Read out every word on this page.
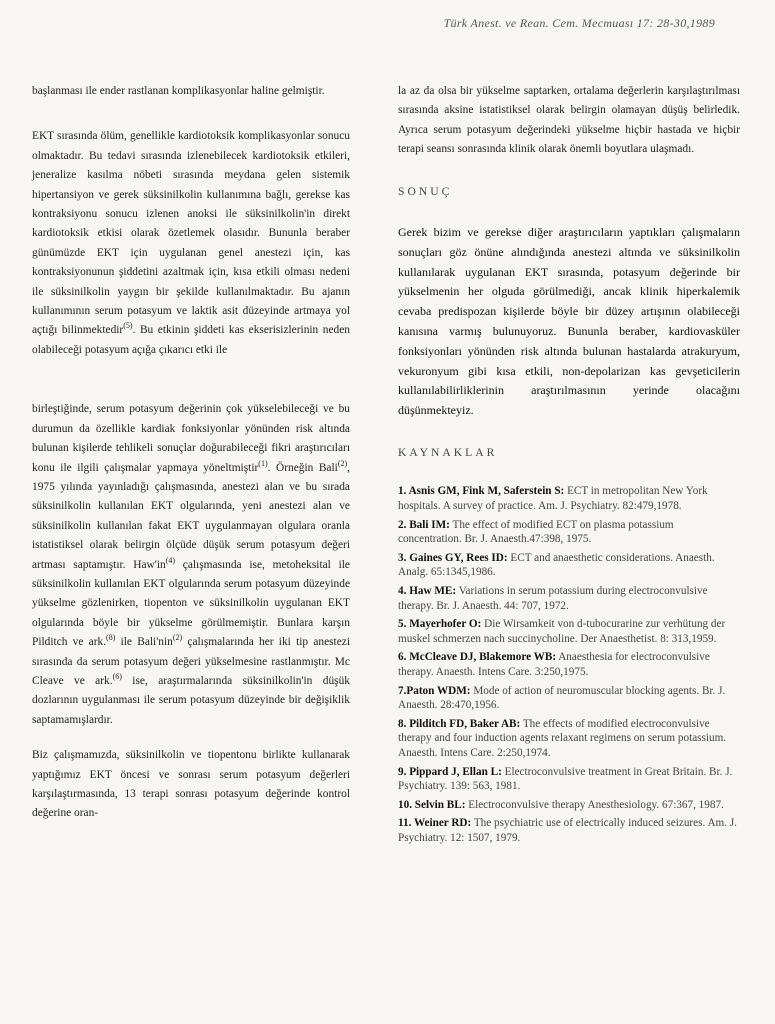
Türk Anest. ve Rean. Cem. Mecmuası 17: 28-30,1989

başlanması ile ender rastlanan komplikasyonlar haline gelmiştir.

EKT sırasında ölüm, genellikle kardiotoksik komplikasyonlar sonucu olmaktadır. Bu tedavi sırasında izlenebilecek kardiotoksik etkileri, jeneralize kasılma nöbeti sırasında meydana gelen sistemik hipertansiyon ve gerek süksinilkolin kullanımına bağlı, gerekse kas kontraksiyonu sonucu izlenen anoksi ile süksinilkolin'in direkt kardiotoksik etkisi olarak özetlemek olasıdır. Bununla beraber günümüzde EKT için uygulanan genel anestezi için, kas kontraksiyonunun şiddetini azaltmak için, kısa etkili olması nedeni ile süksinilkolin yaygın bir şekilde kullanılmaktadır. Bu ajanın kullanımının serum potasyum ve laktik asit düzeyinde artmaya yol açtığı bilinmektedir$^{(5)}$. Bu etkinin şiddeti kas ekserisizlerinin neden olabileceği potasyum açığa çıkarıcı etki ile

birleştiğinde, serum potasyum değerinin çok yükselebileceği ve bu durumun da özellikle kardiak fonksiyonlar yönünden risk altında bulunan kişilerde tehlikeli sonuçlar doğurabileceği fikri araştırıcıları konu ile ilgili çalışmalar yapmaya yöneltmiştir$^{(1)}$. Örneğin Bali$^{(2)}$, 1975 yılında yayınladığı çalışmasında, anestezi alan ve bu sırada süksinilkolin kullanılan EKT olgularında, yeni anestezi alan ve süksinilkolin kullanılan fakat EKT uygulanmayan olgulara oranla istatistiksel olarak belirgin ölçüde düşük serum potasyum değeri artması saptamıştır. $Haw'in^{(4)}$ çalışmasında ise, metoheksital ile süksinilkolin kullanılan EKT olgularında serum potasyum düzeyinde yükselme gözlenirken, tiopenton ve süksinilkolin uygulanan EKT olgularında böyle bir yükselme görülmemiştir. Bunlara karşın Pilditch ve ark.$^{(8)}$ ile Bali'nin$^{(2)}$ çalışmalarında her iki tip anestezi sırasında da serum potasyum değeri yükselmesine rastlanmıştır. Mc Cleave ve ark.$^{(6)}$ ise, araştırmalarında süksinilkolin'in düşük dozlarının uygulanması ile serum potasyum düzeyinde bir değişiklik saptamamışlardır.

Biz çalışmamızda, süksinilkolin ve tiopentonu birlikte kullanarak yaptığımız EKT öncesi ve sonrası serum potasyum değerleri karşılaştırmasında, 13 terapi sonrası potasyum değerinde kontrol değerine oran-

la az da olsa bir yükselme saptarken, ortalama değerlerin karşılaştırılması sırasında aksine istatistiksel olarak belirgin olamayan düşüş belirledik. Ayrıca serum potasyum değerindeki yükselme hiçbir hastada ve hiçbir terapi seansı sonrasında klinik olarak önemli boyutlara ulaşmadı.

SONUÇ

Gerek bizim ve gerekse diğer araştırıcıların yaptıkları çalışmaların sonuçları göz önüne alındığında anestezi altında ve süksinilkolin kullanılarak uygulanan EKT sırasında, potasyum değerinde bir yükselmenin her olguda görülmediği, ancak klinik hiperkalemik cevaba predispozan kişilerde böyle bir düzey artışının olabileceği kanısına varmış bulunuyoruz. Bununla beraber, kardiovasküler fonksiyonları yönünden risk altında bulunan hastalarda atrakuryum, vekuronyum gibi kısa etkili, non-depolarizan kas gevşeticilerin kullanılabilirliklerinin araştırılmasının yerinde olacağını düşünmekteyiz.

KAYNAKLAR
1. Asnis GM, Fink M, Saferstein S: ECT in metropolitan New York hospitals. A survey of practice. Am. J. Psychiatry. 82:479,1978.
2. Bali IM: The effect of modified ECT on plasma potassium concentration. Br. J. Anaesth.47:398, 1975.
3. Gaines GY, Rees ID: ECT and anaesthetic considerations. Anaesth. Analg. 65:1345,1986.
4. Haw ME: Variations in serum potassium during electroconvulsive therapy. Br. J. Anaesth. 44: 707, 1972.
5. Mayerhofer O: Die Wirsamkeit von d-tubocurarine zur verhütung der muskel schmerzen nach succinycholine. Der Anaesthetist. 8: 313,1959.
6. McCleave DJ, Blakemore WB: Anaesthesia for electroconvulsive therapy. Anaesth. Intens Care. 3:250,1975.
7.Paton WDM: Mode of action of neuromuscular blocking agents. Br. J. Anaesth. 28:470,1956.
8. Pilditch FD, Baker AB: The effects of modified electroconvulsive therapy and four induction agents relaxant regimens on serum potassium. Anaesth. Intens Care. 2:250,1974.
9. Pippard J, Ellan L: Electroconvulsive treatment in Great Britain. Br. J. Psychiatry. 139: 563, 1981.
10. Selvin BL: Electroconvulsive therapy Anesthesiology. 67:367, 1987.
11. Weiner RD: The psychiatric use of electrically induced seizures. Am. J. Psychiatry. 12: 1507, 1979.
